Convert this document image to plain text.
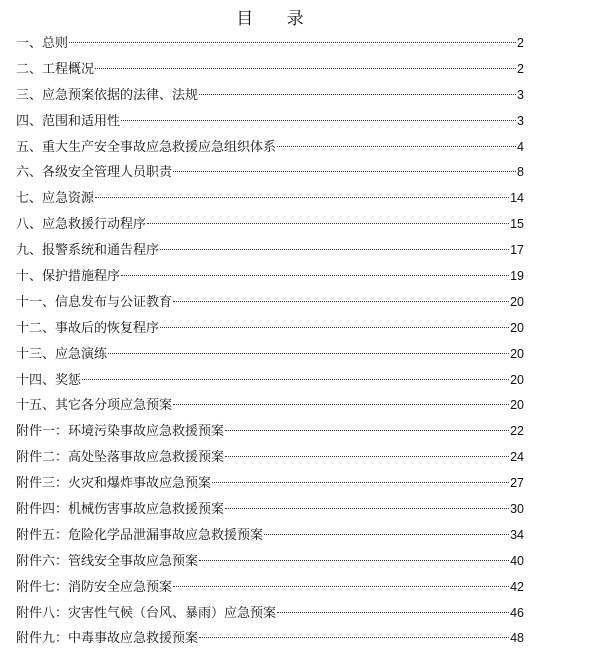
目 录
一、总则	2
二、工程概况	2
三、应急预案依据的法律、法规	3
四、范围和适用性	3
五、重大生产安全事故应急救援应急组织体系	4
六、各级安全管理人员职责	8
七、应急资源	14
八、应急救援行动程序	15
九、报警系统和通告程序	17
十、保护措施程序	19
十一、信息发布与公证教育	20
十二、事故后的恢复程序	20
十三、应急演练	20
十四、奖惩	20
十五、其它各分项应急预案	20
附件一：环境污染事故应急救援预案	22
附件二：高处坠落事故应急救援预案	24
附件三：火灾和爆炸事故应急预案	27
附件四：机械伤害事故应急救援预案	30
附件五：危险化学品泄漏事故应急救援预案	34
附件六：管线安全事故应急预案	40
附件七：消防安全应急预案	42
附件八：灾害性气候（台风、暴雨）应急预案	46
附件九：中毒事故应急救援预案	48
